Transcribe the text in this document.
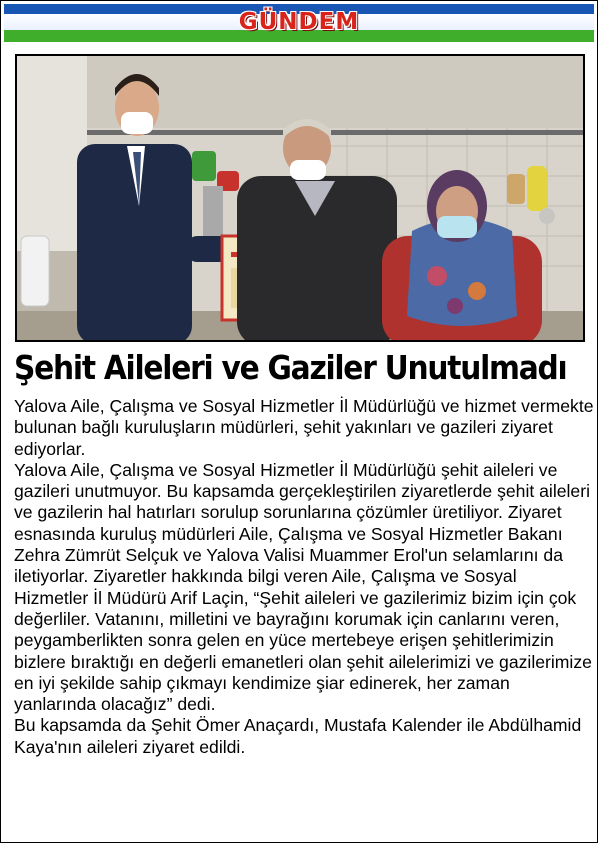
GÜNDEM
Şehit Aileleri ve Gaziler Unutulmadı

Yalova Aile, Çalışma ve Sosyal Hizmetler İl Müdürlüğü ve hizmet vermekte bulunan bağlı kuruluşların müdürleri, şehit yakınları ve gazileri ziyaret ediyorlar.

Yalova Aile, Çalışma ve Sosyal Hizmetler İl Müdürlüğü şehit aileleri ve gazileri unutmuyor. Bu kapsamda gerçekleştirilen ziyaretlerde şehit aileleri ve gazilerin hal hatırları sorulup sorunlarına çözümler üretiliyor. Ziyaret esnasında kuruluş müdürleri Aile, Çalışma ve Sosyal Hizmetler Bakanı Zehra Zümrüt Selçuk ve Yalova Valisi Muammer Erol'un selamlarını da iletiyorlar. Ziyaretler hakkında bilgi veren Aile, Çalışma ve Sosyal Hizmetler İl Müdürü Arif Laçin, “Şehit aileleri ve gazilerimiz bizim için çok değerliler. Vatanını, milletini ve bayrağını korumak için canlarını veren, peygamberlikten sonra gelen en yüce mertebeye erişen şehitlerimizin bizlere bıraktığı en değerli emanetleri olan şehit ailelerimizi ve gazilerimize en iyi şekilde sahip çıkmayı kendimize şiar edinerek, her zaman yanlarında olacağız” dedi.

Bu kapsamda da Şehit Ömer Anaçardı, Mustafa Kalender ile Abdülhamid Kaya'nın aileleri ziyaret edildi.
